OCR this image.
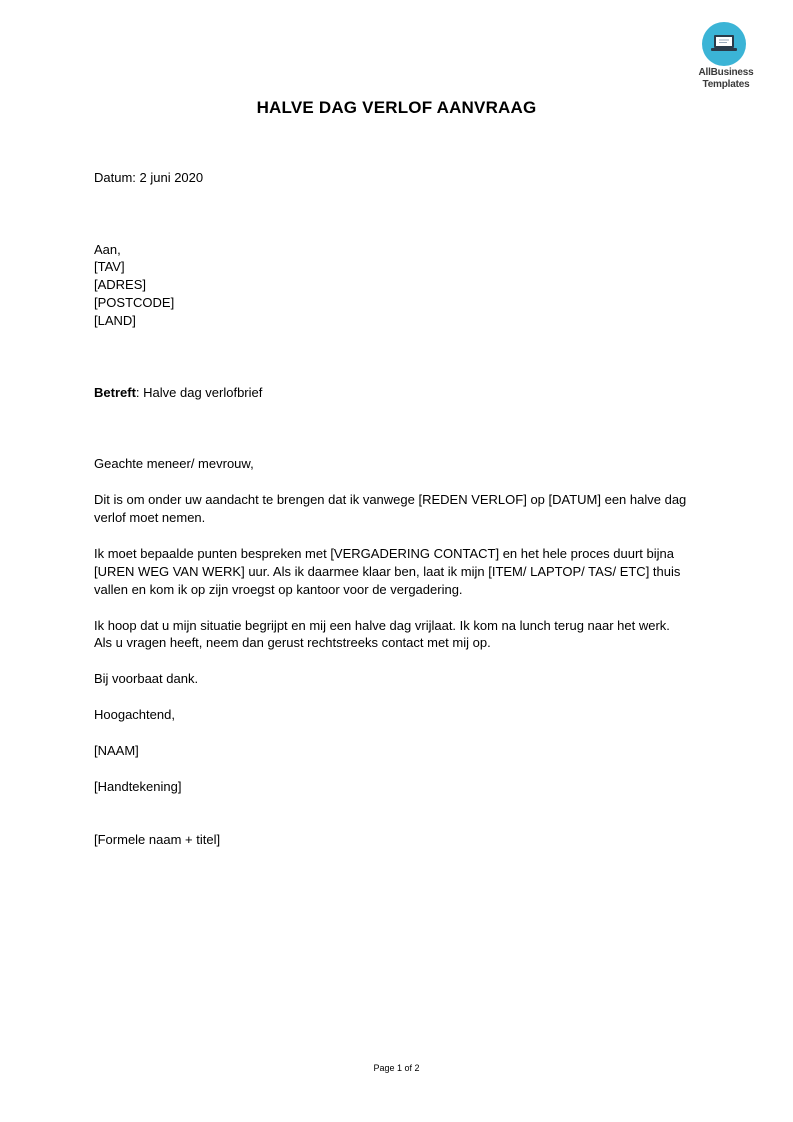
AllBusiness
Templates
HALVE DAG VERLOF AANVRAAG
Datum: 2 juni 2020
Aan,
[TAV]
[ADRES]
[POSTCODE]
[LAND]
Betreft: Halve dag verlofbrief
Geachte meneer/ mevrouw,
Dit is om onder uw aandacht te brengen dat ik vanwege [REDEN VERLOF] op [DATUM] een halve dag
verlof moet nemen.
Ik moet bepaalde punten bespreken met [VERGADERING CONTACT] en het hele proces duurt bijna
[UREN WEG VAN WERK] uur. Als ik daarmee klaar ben, laat ik mijn [ITEM/ LAPTOP/ TAS/ ETC] thuis
vallen en kom ik op zijn vroegst op kantoor voor de vergadering.
Ik hoop dat u mijn situatie begrijpt en mij een halve dag vrijlaat. Ik kom na lunch terug naar het werk.
Als u vragen heeft, neem dan gerust rechtstreeks contact met mij op.
Bij voorbaat dank.
Hoogachtend,
[NAAM]
[Handtekening]
[Formele naam + titel]
Page 1 of 2
